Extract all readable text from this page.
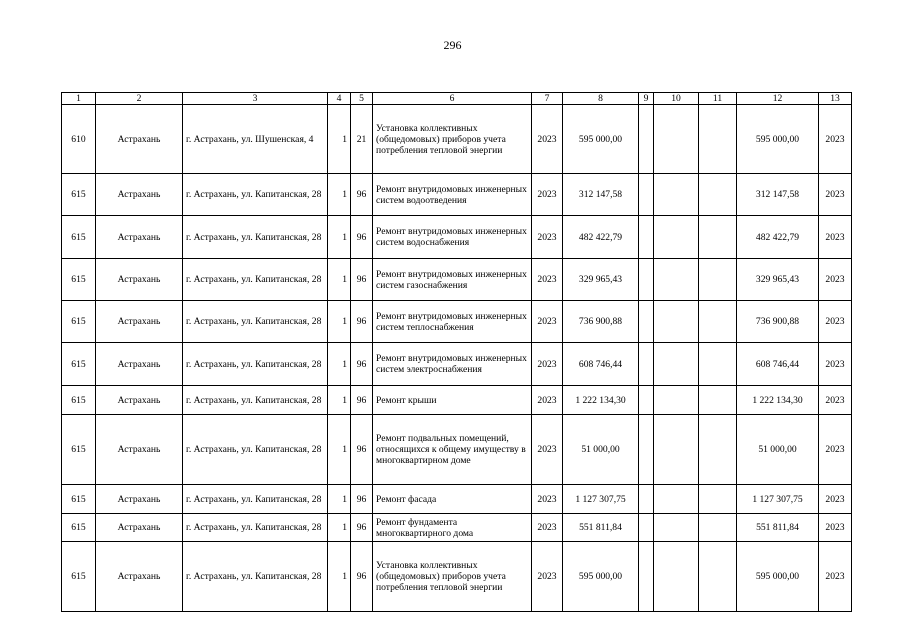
296
1	2	3	4	5	6	7	8	9	10	11	12	13
610	Астрахань	г. Астрахань, ул. Шушенская, 4	1	21	Установка коллективных (общедомовых) приборов учета потребления тепловой энергии	2023	595 000,00				595 000,00	2023
615	Астрахань	г. Астрахань, ул. Капитанская, 28	1	96	Ремонт внутридомовых инженерных систем водоотведения	2023	312 147,58				312 147,58	2023
615	Астрахань	г. Астрахань, ул. Капитанская, 28	1	96	Ремонт внутридомовых инженерных систем водоснабжения	2023	482 422,79				482 422,79	2023
615	Астрахань	г. Астрахань, ул. Капитанская, 28	1	96	Ремонт внутридомовых инженерных систем газоснабжения	2023	329 965,43				329 965,43	2023
615	Астрахань	г. Астрахань, ул. Капитанская, 28	1	96	Ремонт внутридомовых инженерных систем теплоснабжения	2023	736 900,88				736 900,88	2023
615	Астрахань	г. Астрахань, ул. Капитанская, 28	1	96	Ремонт внутридомовых инженерных систем электроснабжения	2023	608 746,44				608 746,44	2023
615	Астрахань	г. Астрахань, ул. Капитанская, 28	1	96	Ремонт крыши	2023	1 222 134,30				1 222 134,30	2023
615	Астрахань	г. Астрахань, ул. Капитанская, 28	1	96	Ремонт подвальных помещений, относящихся к общему имуществу в многоквартирном доме	2023	51 000,00				51 000,00	2023
615	Астрахань	г. Астрахань, ул. Капитанская, 28	1	96	Ремонт фасада	2023	1 127 307,75				1 127 307,75	2023
615	Астрахань	г. Астрахань, ул. Капитанская, 28	1	96	Ремонт фундамента многоквартирного дома	2023	551 811,84				551 811,84	2023
615	Астрахань	г. Астрахань, ул. Капитанская, 28	1	96	Установка коллективных (общедомовых) приборов учета потребления тепловой энергии	2023	595 000,00				595 000,00	2023
